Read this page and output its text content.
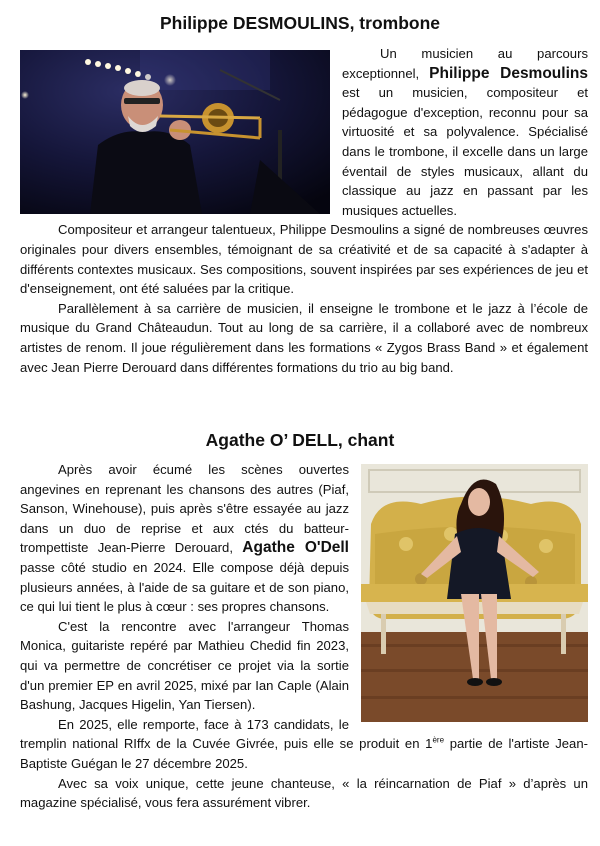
Philippe DESMOULINS, trombone

Un musicien au parcours exceptionnel, Philippe Desmoulins est un musicien, compositeur et pédagogue d'exception, reconnu pour sa virtuosité et sa polyvalence. Spécialisé dans le trombone, il excelle dans un large éventail de styles musicaux, allant du classique au jazz en passant par les musiques actuelles.

Compositeur et arrangeur talentueux, Philippe Desmoulins a signé de nombreuses œuvres originales pour divers ensembles, témoignant de sa créativité et de sa capacité à s'adapter à différents contextes musicaux. Ses compositions, souvent inspirées par ses expériences de jeu et d'enseignement, ont été saluées par la critique.

Parallèlement à sa carrière de musicien, il enseigne le trombone et le jazz à l’école de musique du Grand Châteaudun. Tout au long de sa carrière, il a collaboré avec de nombreux artistes de renom. Il joue régulièrement dans les formations « Zygos Brass Band » et également avec Jean Pierre Derouard dans différentes formations du trio au big band.

Agathe O’ DELL, chant

Après avoir écumé les scènes ouvertes angevines en reprenant les chansons des autres (Piaf, Sanson, Winehouse), puis après s'être essayée au jazz dans un duo de reprise et aux ctés du batteur-trompettiste Jean-Pierre Derouard, Agathe O'Dell passe côté studio en 2024. Elle compose déjà depuis plusieurs années, à l'aide de sa guitare et de son piano, ce qui lui tient le plus à cœur : ses propres chansons.

C'est la rencontre avec l'arrangeur Thomas Monica, guitariste repéré par Mathieu Chedid fin 2023, qui va permettre de concrétiser ce projet via la sortie d'un premier EP en avril 2025, mixé par Ian Caple (Alain Bashung, Jacques Higelin, Yan Tiersen).

En 2025, elle remporte, face à 173 candidats, le tremplin national RIffx de la Cuvée Givrée, puis elle se produit en 1ère partie de l'artiste Jean-Baptiste Guégan le 27 décembre 2025.

Avec sa voix unique, cette jeune chanteuse, « la réincarnation de Piaf » d’après un magazine spécialisé, vous fera assurément vibrer.
